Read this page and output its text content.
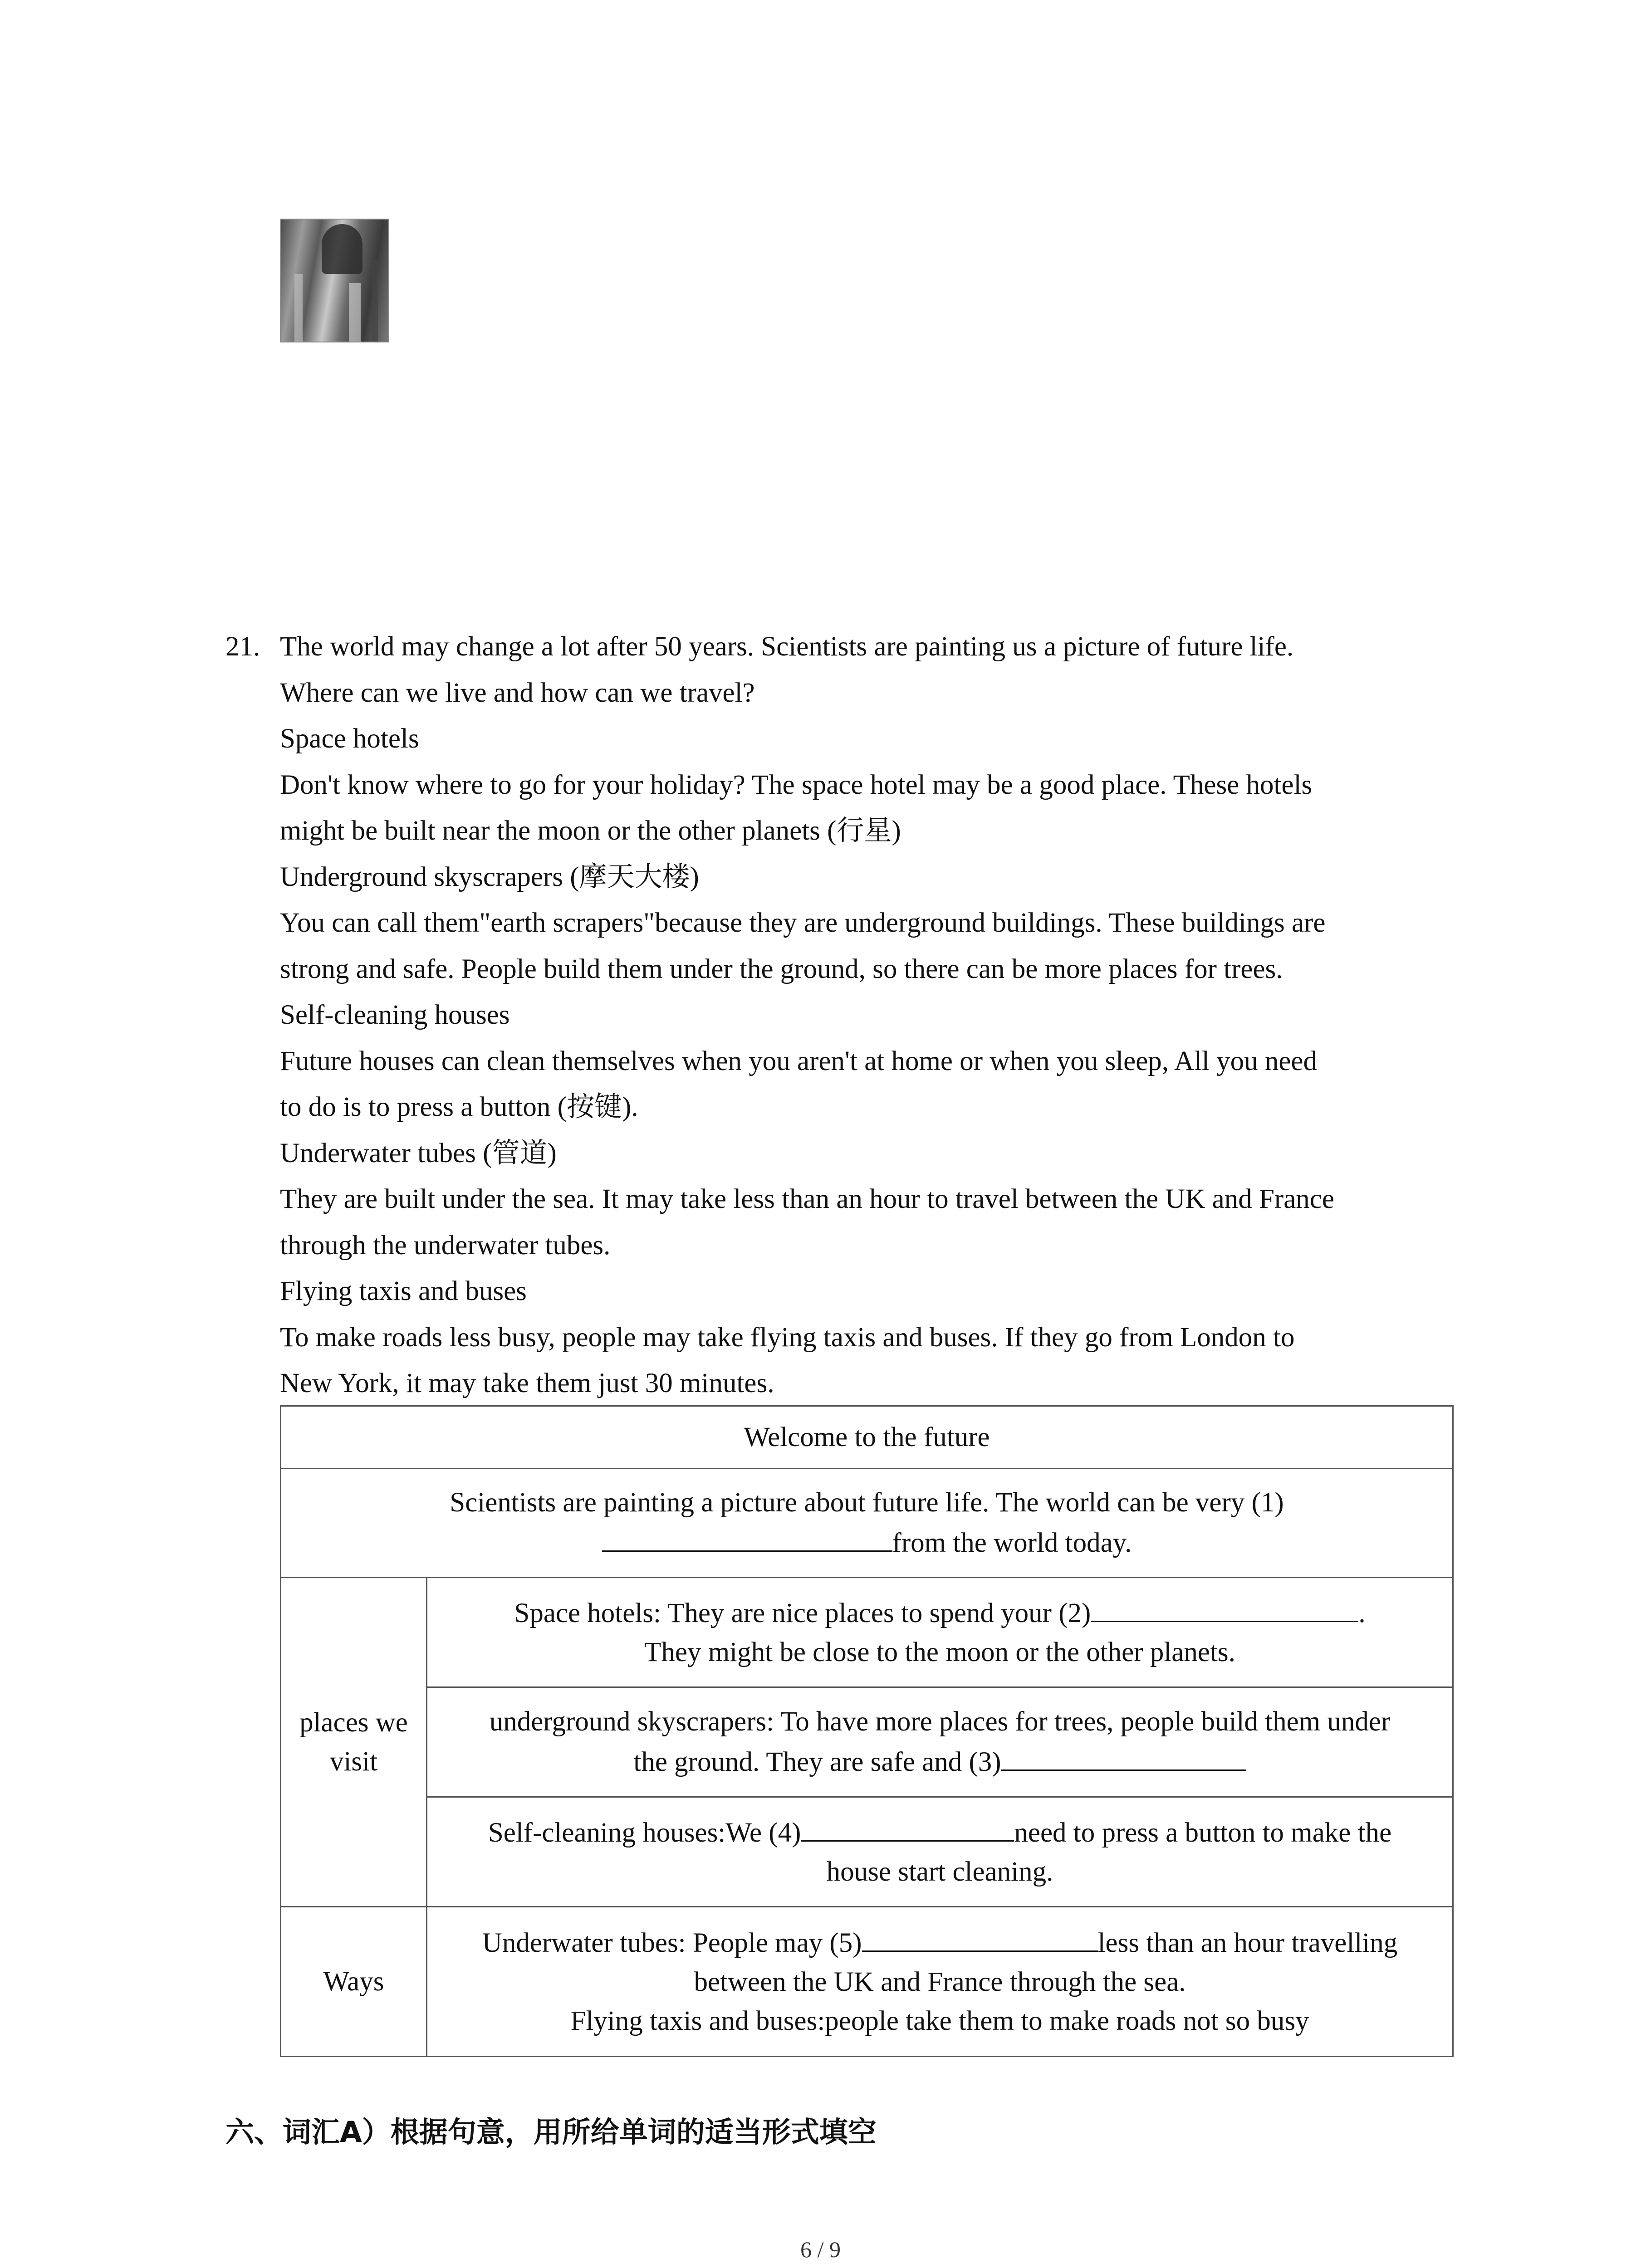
21. The world may change a lot after 50 years. Scientists are painting us a picture of future life.
Where can we live and how can we travel?
Space hotels
Don't know where to go for your holiday? The space hotel may be a good place. These hotels
might be built near the moon or the other planets (行星)
Underground skyscrapers (摩天大楼)
You can call them"earth scrapers"because they are underground buildings. These buildings are
strong and safe. People build them under the ground, so there can be more places for trees.
Self-cleaning houses
Future houses can clean themselves when you aren't at home or when you sleep, All you need
to do is to press a button (按键).
Underwater tubes (管道)
They are built under the sea. It may take less than an hour to travel between the UK and France
through the underwater tubes.
Flying taxis and buses
To make roads less busy, people may take flying taxis and buses. If they go from London to
New York, it may take them just 30 minutes.
Welcome to the future	

Scientists are painting a picture about future life. The world can be very (1)
from the world today.	

places we visit	Space hotels: They are nice places to spend your (2) .
They might be close to the moon or the other planets.

	underground skyscrapers: To have more places for trees, people build them under
the ground. They are safe and (3)

	Self-cleaning houses:We (4) need to press a button to make the
house start cleaning.

Ways	Underwater tubes: People may (5) less than an hour travelling
between the UK and France through the sea.
Flying taxis and buses:people take them to make roads not so busy
六、词汇A）根据句意，用所给单词的适当形式填空
6 / 9
